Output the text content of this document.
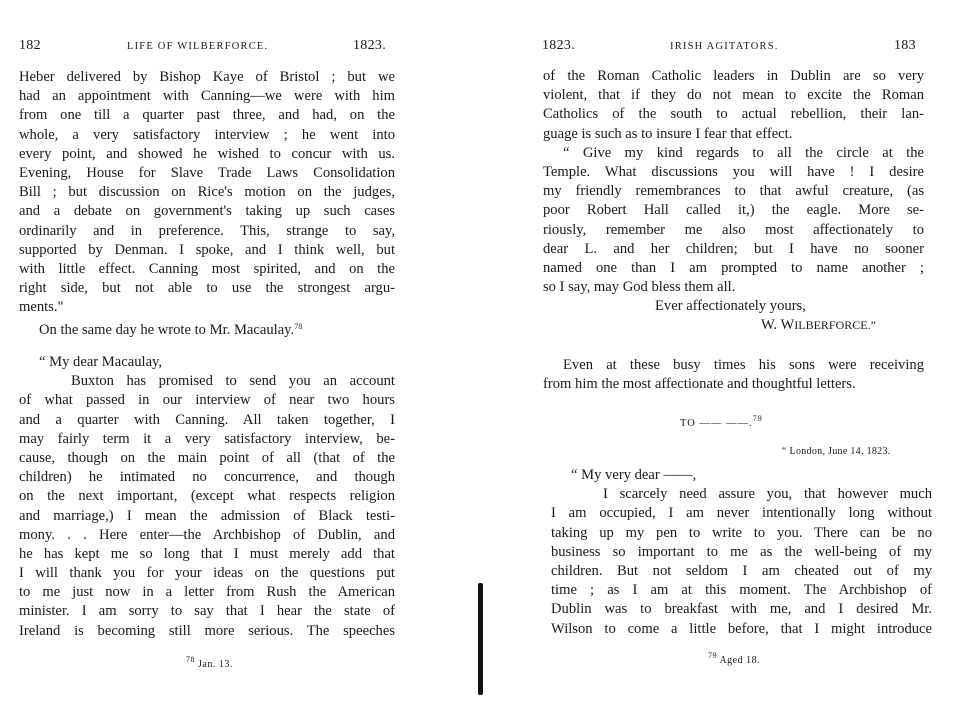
182	LIFE OF WILBERFORCE.	1823.
Heber delivered by Bishop Kaye of Bristol ; but we
had an appointment with Canning—we were with him
from one till a quarter past three, and had, on the
whole, a very satisfactory interview ; he went into
every point, and showed he wished to concur with us.
Evening, House for Slave Trade Laws Consolidation
Bill ; but discussion on Rice's motion on the judges,
and a debate on government's taking up such cases
ordinarily and in preference. This, strange to say,
supported by Denman. I spoke, and I think well, but
with little effect. Canning most spirited, and on the
right side, but not able to use the strongest argu-
ments."
On the same day he wrote to Mr. Macaulay.$^{78}$
“ My dear Macaulay,
Buxton has promised to send you an account
of what passed in our interview of near two hours
and a quarter with Canning. All taken together, I
may fairly term it a very satisfactory interview, be-
cause, though on the main point of all (that of the
children) he intimated no concurrence, and though
on the next important, (except what respects religion
and marriage,) I mean the admission of Black testi-
mony. . . Here enter—the Archbishop of Dublin, and
he has kept me so long that I must merely add that
I will thank you for your ideas on the questions put
to me just now in a letter from Rush the American
minister. I am sorry to say that I hear the state of
Ireland is becoming still more serious. The speeches
$^{78}$ Jan. 13.
1823.	IRISH AGITATORS.	183
of the Roman Catholic leaders in Dublin are so very
violent, that if they do not mean to excite the Roman
Catholics of the south to actual rebellion, their lan-
guage is such as to insure I fear that effect.
“ Give my kind regards to all the circle at the
Temple. What discussions you will have ! I desire
my friendly remembrances to that awful creature, (as
poor Robert Hall called it,) the eagle. More se-
riously, remember me also most affectionately to
dear L. and her children; but I have no sooner
named one than I am prompted to name another ;
so I say, may God bless them all.
Ever affectionately yours,
W. WILBERFORCE.”
Even at these busy times his sons were receiving
from him the most affectionate and thoughtful letters.
TO —— ——.$^{79}$
“ London, June 14, 1823.
“ My very dear ——,
I scarcely need assure you, that however much
I am occupied, I am never intentionally long without
taking up my pen to write to you. There can be no
business so important to me as the well-being of my
children. But not seldom I am cheated out of my
time ; as I am at this moment. The Archbishop of
Dublin was to breakfast with me, and I desired Mr.
Wilson to come a little before, that I might introduce
$^{79}$ Aged 18.
